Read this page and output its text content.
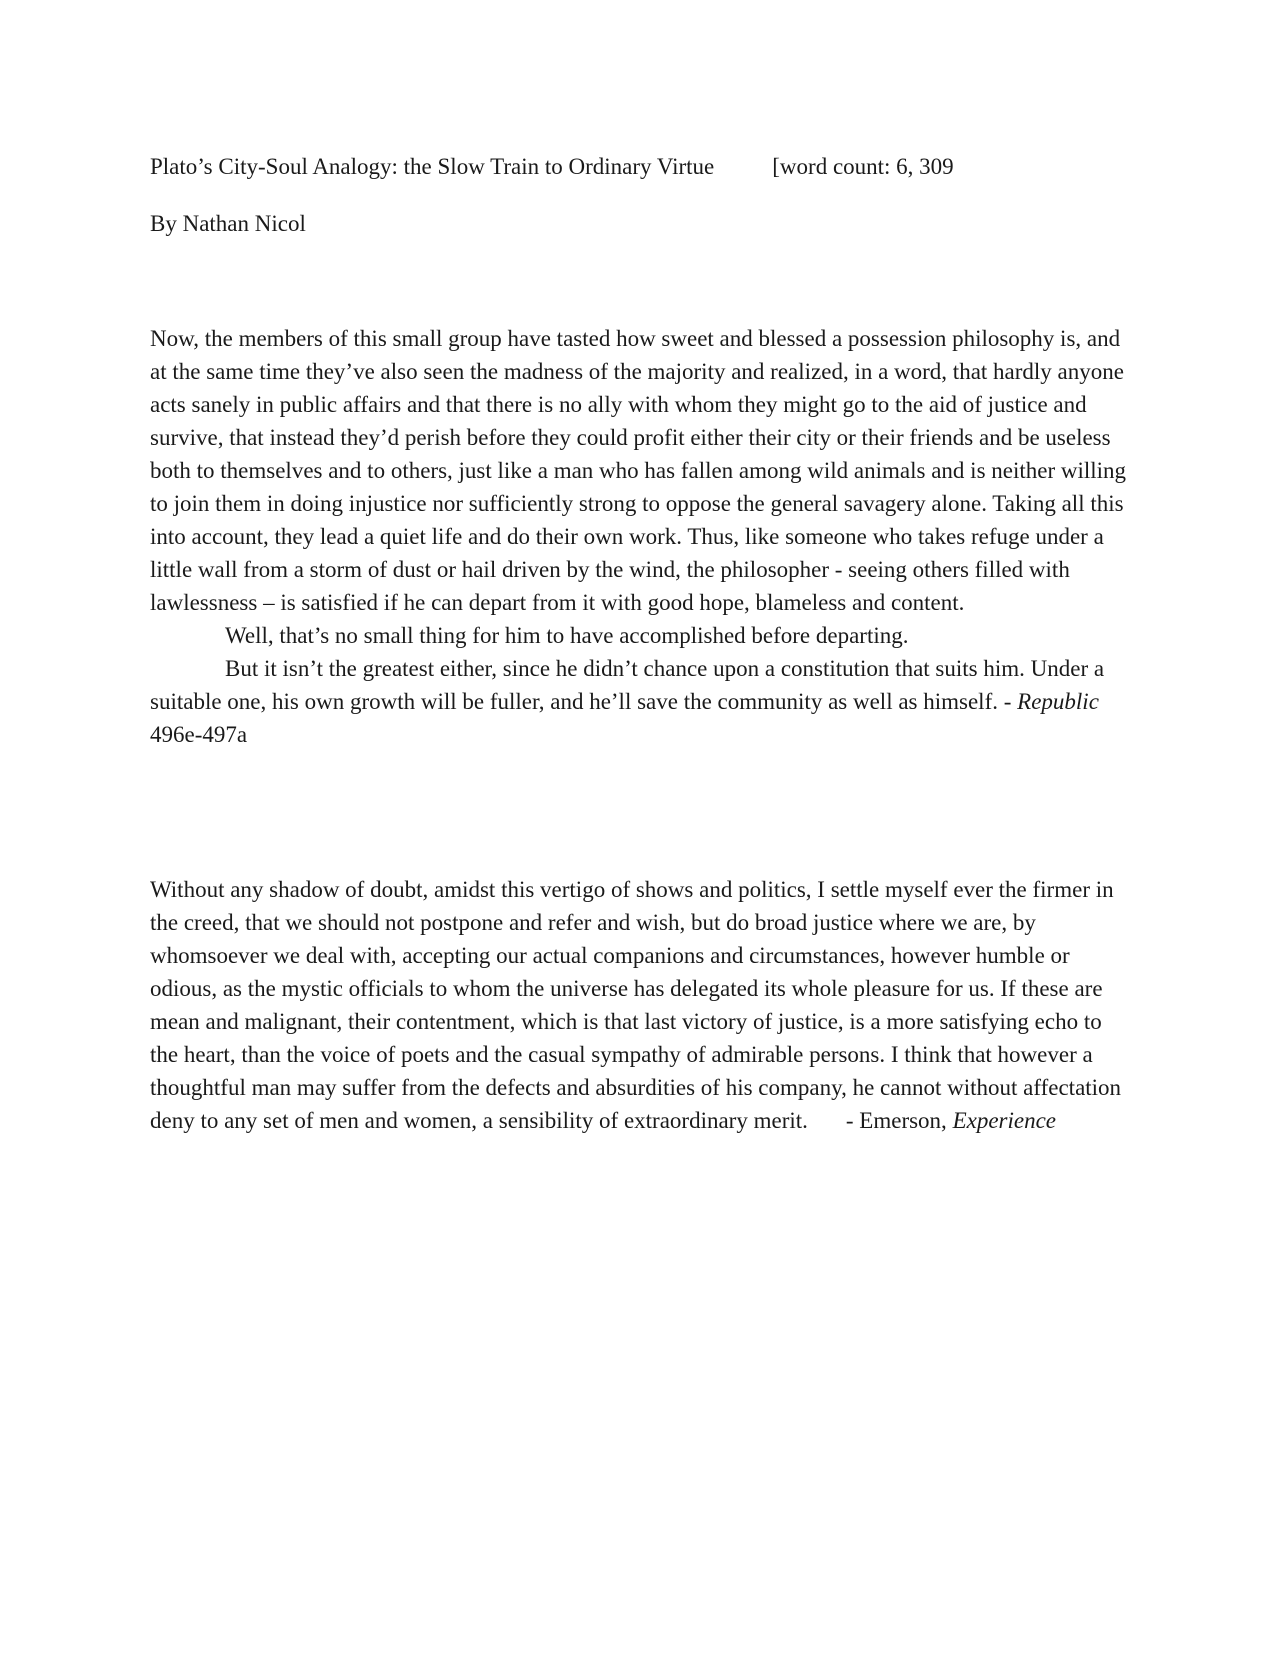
Plato’s City-Soul Analogy: the Slow Train to Ordinary Virtue	[word count: 6, 309
By Nathan Nicol

Now, the members of this small group have tasted how sweet and blessed a possession philosophy is, and at the same time they’ve also seen the madness of the majority and realized, in a word, that hardly anyone acts sanely in public affairs and that there is no ally with whom they might go to the aid of justice and survive, that instead they’d perish before they could profit either their city or their friends and be useless both to themselves and to others, just like a man who has fallen among wild animals and is neither willing to join them in doing injustice nor sufficiently strong to oppose the general savagery alone. Taking all this into account, they lead a quiet life and do their own work. Thus, like someone who takes refuge under a little wall from a storm of dust or hail driven by the wind, the philosopher - seeing others filled with lawlessness – is satisfied if he can depart from it with good hope, blameless and content.

Well, that’s no small thing for him to have accomplished before departing.

But it isn’t the greatest either, since he didn’t chance upon a constitution that suits him. Under a suitable one, his own growth will be fuller, and he’ll save the community as well as himself. - Republic 496e-497a

Without any shadow of doubt, amidst this vertigo of shows and politics, I settle myself ever the firmer in the creed, that we should not postpone and refer and wish, but do broad justice where we are, by whomsoever we deal with, accepting our actual companions and circumstances, however humble or odious, as the mystic officials to whom the universe has delegated its whole pleasure for us. If these are mean and malignant, their contentment, which is that last victory of justice, is a more satisfying echo to the heart, than the voice of poets and the casual sympathy of admirable persons. I think that however a thoughtful man may suffer from the defects and absurdities of his company, he cannot without affectation deny to any set of men and women, a sensibility of extraordinary merit. - Emerson, Experience
